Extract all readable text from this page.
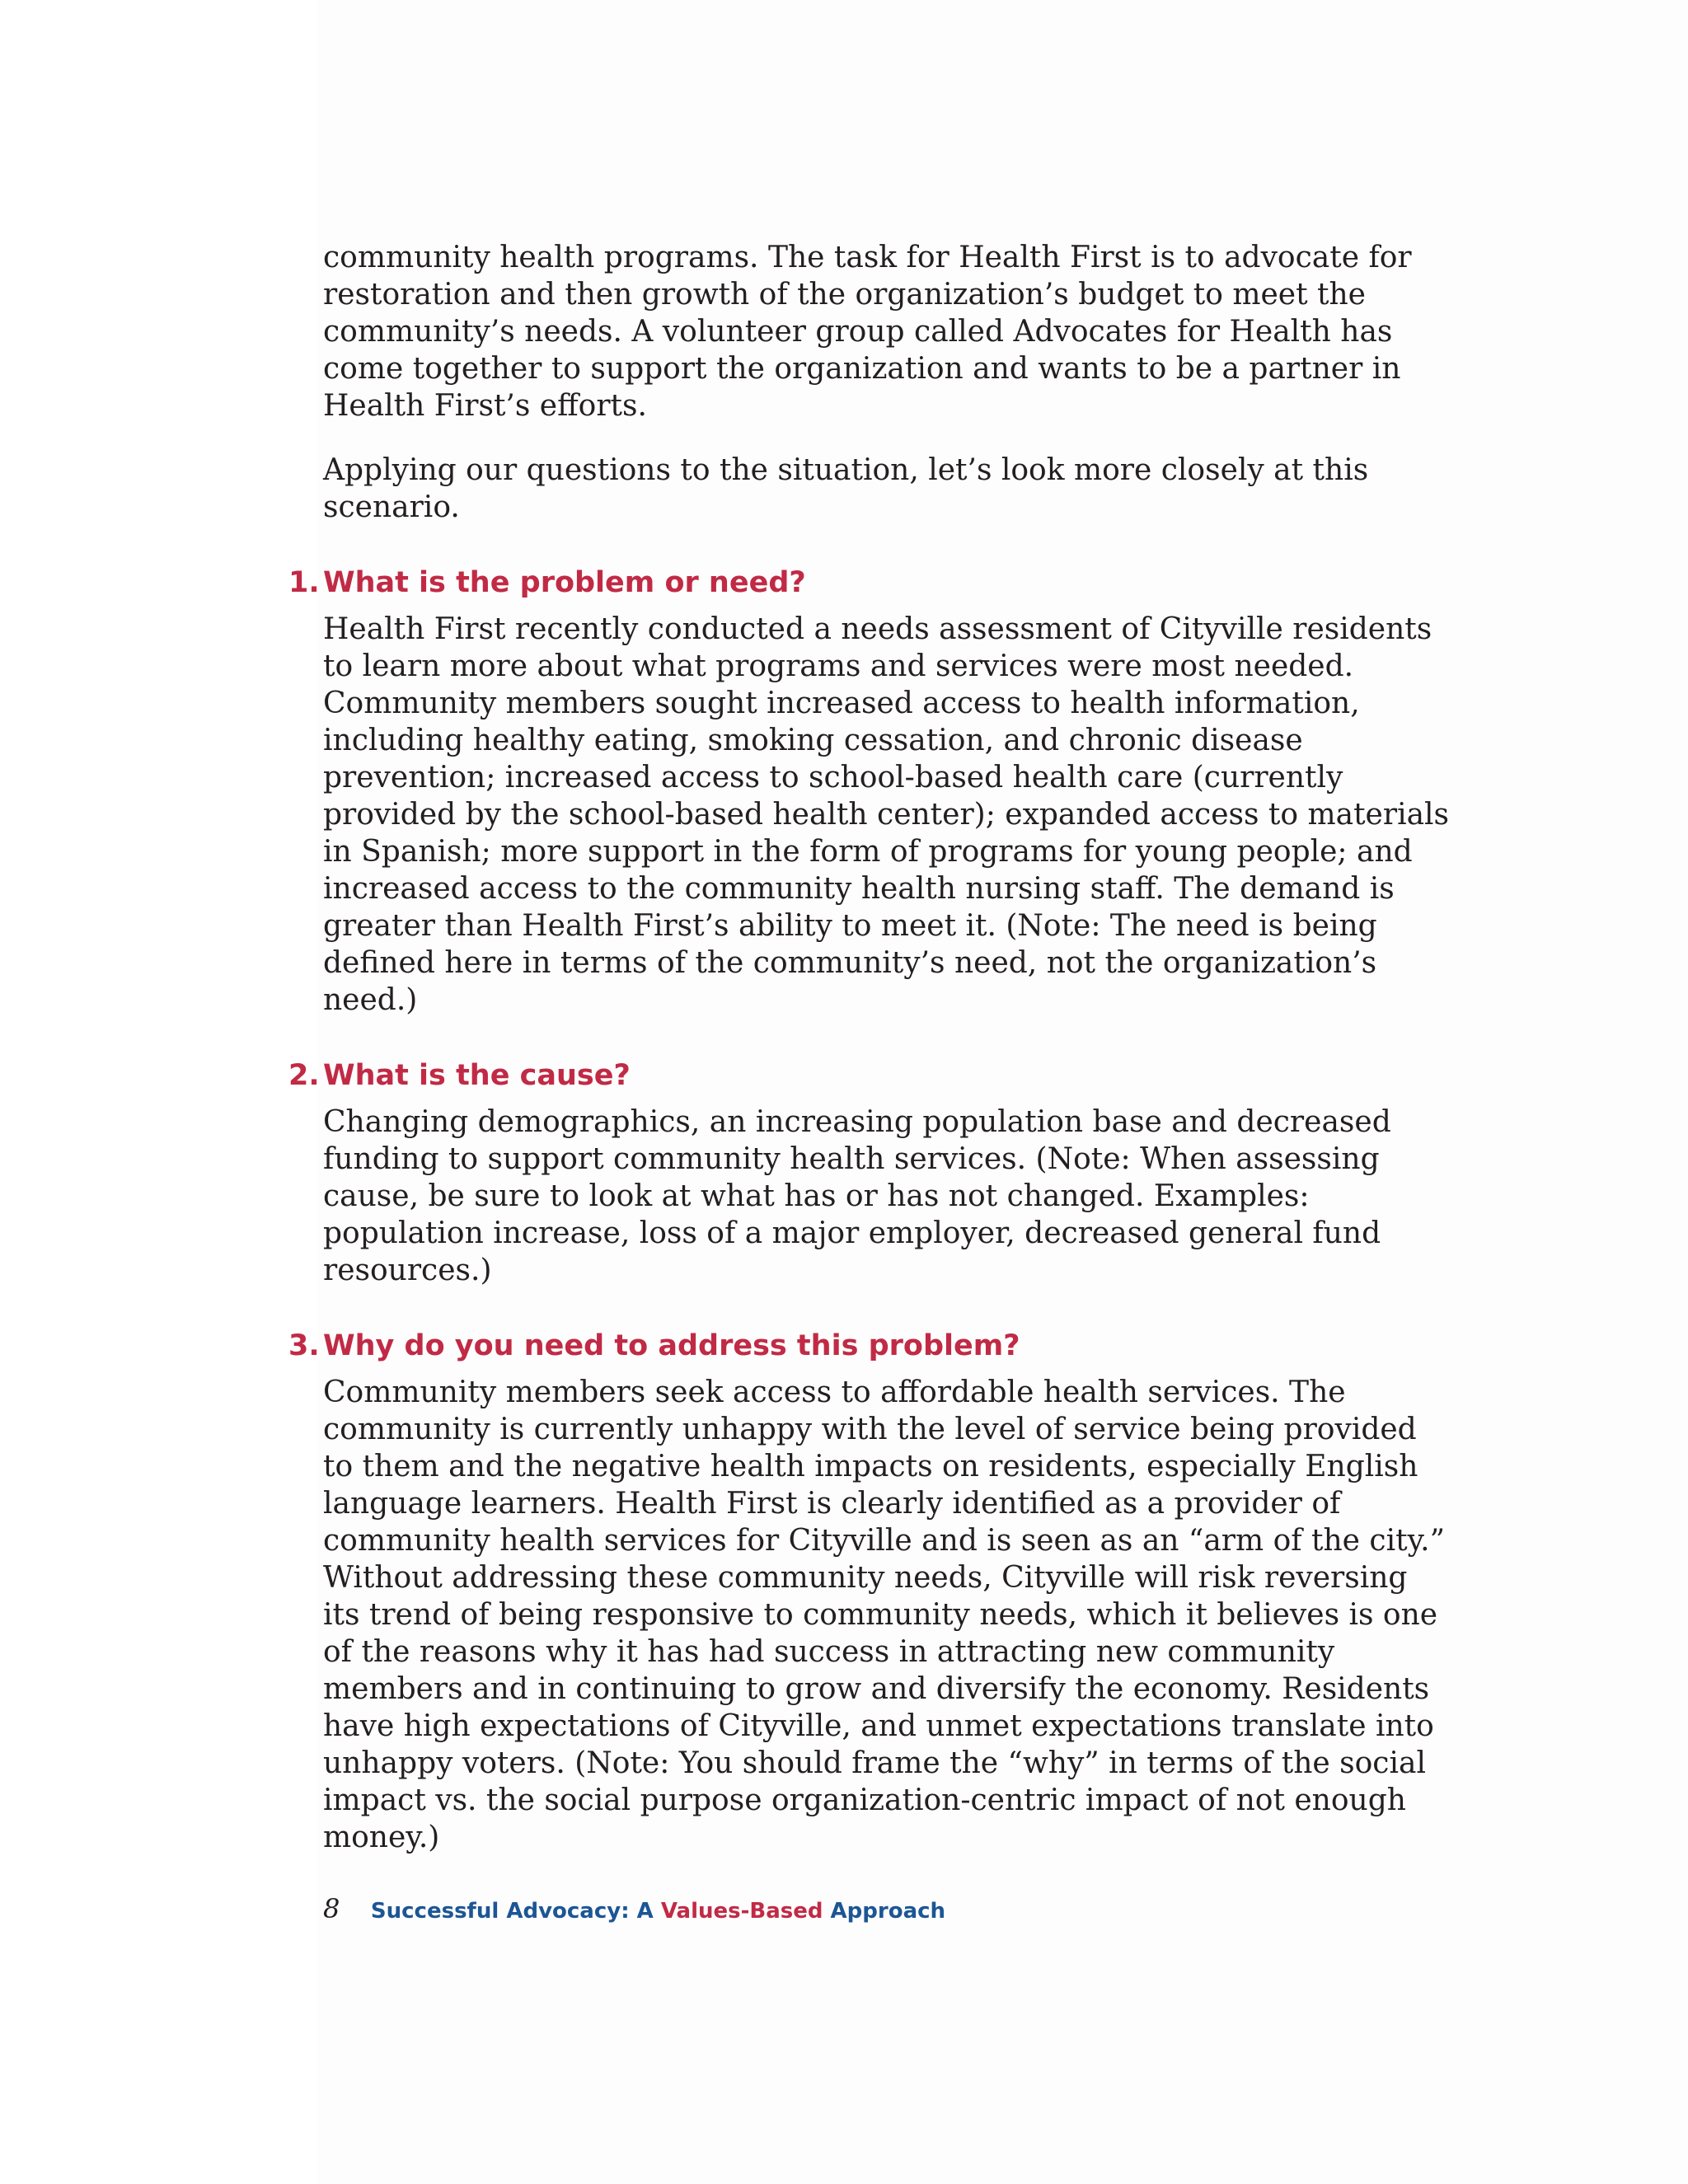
community health programs. The task for Health First is to advocate for restoration and then growth of the organization’s budget to meet the community’s needs. A volunteer group called Advocates for Health has come together to support the organization and wants to be a partner in Health First’s efforts.

Applying our questions to the situation, let’s look more closely at this scenario.

1. What is the problem or need?

Health First recently conducted a needs assessment of Cityville residents to learn more about what programs and services were most needed. Community members sought increased access to health information, including healthy eating, smoking cessation, and chronic disease prevention; increased access to school-based health care (currently provided by the school-based health center); expanded access to materials in Spanish; more support in the form of programs for young people; and increased access to the community health nursing staff. The demand is greater than Health First’s ability to meet it. (Note: The need is being defined here in terms of the community’s need, not the organization’s need.)

2. What is the cause?

Changing demographics, an increasing population base and decreased funding to support community health services. (Note: When assessing cause, be sure to look at what has or has not changed. Examples: population increase, loss of a major employer, decreased general fund resources.)

3. Why do you need to address this problem?

Community members seek access to affordable health services. The community is currently unhappy with the level of service being provided to them and the negative health impacts on residents, especially English language learners. Health First is clearly identified as a provider of community health services for Cityville and is seen as an “arm of the city.” Without addressing these community needs, Cityville will risk reversing its trend of being responsive to community needs, which it believes is one of the reasons why it has had success in attracting new community members and in continuing to grow and diversify the economy. Residents have high expectations of Cityville, and unmet expectations translate into unhappy voters. (Note: You should frame the “why” in terms of the social impact vs. the social purpose organization-centric impact of not enough money.)

8 Successful Advocacy: A Values-Based Approach
